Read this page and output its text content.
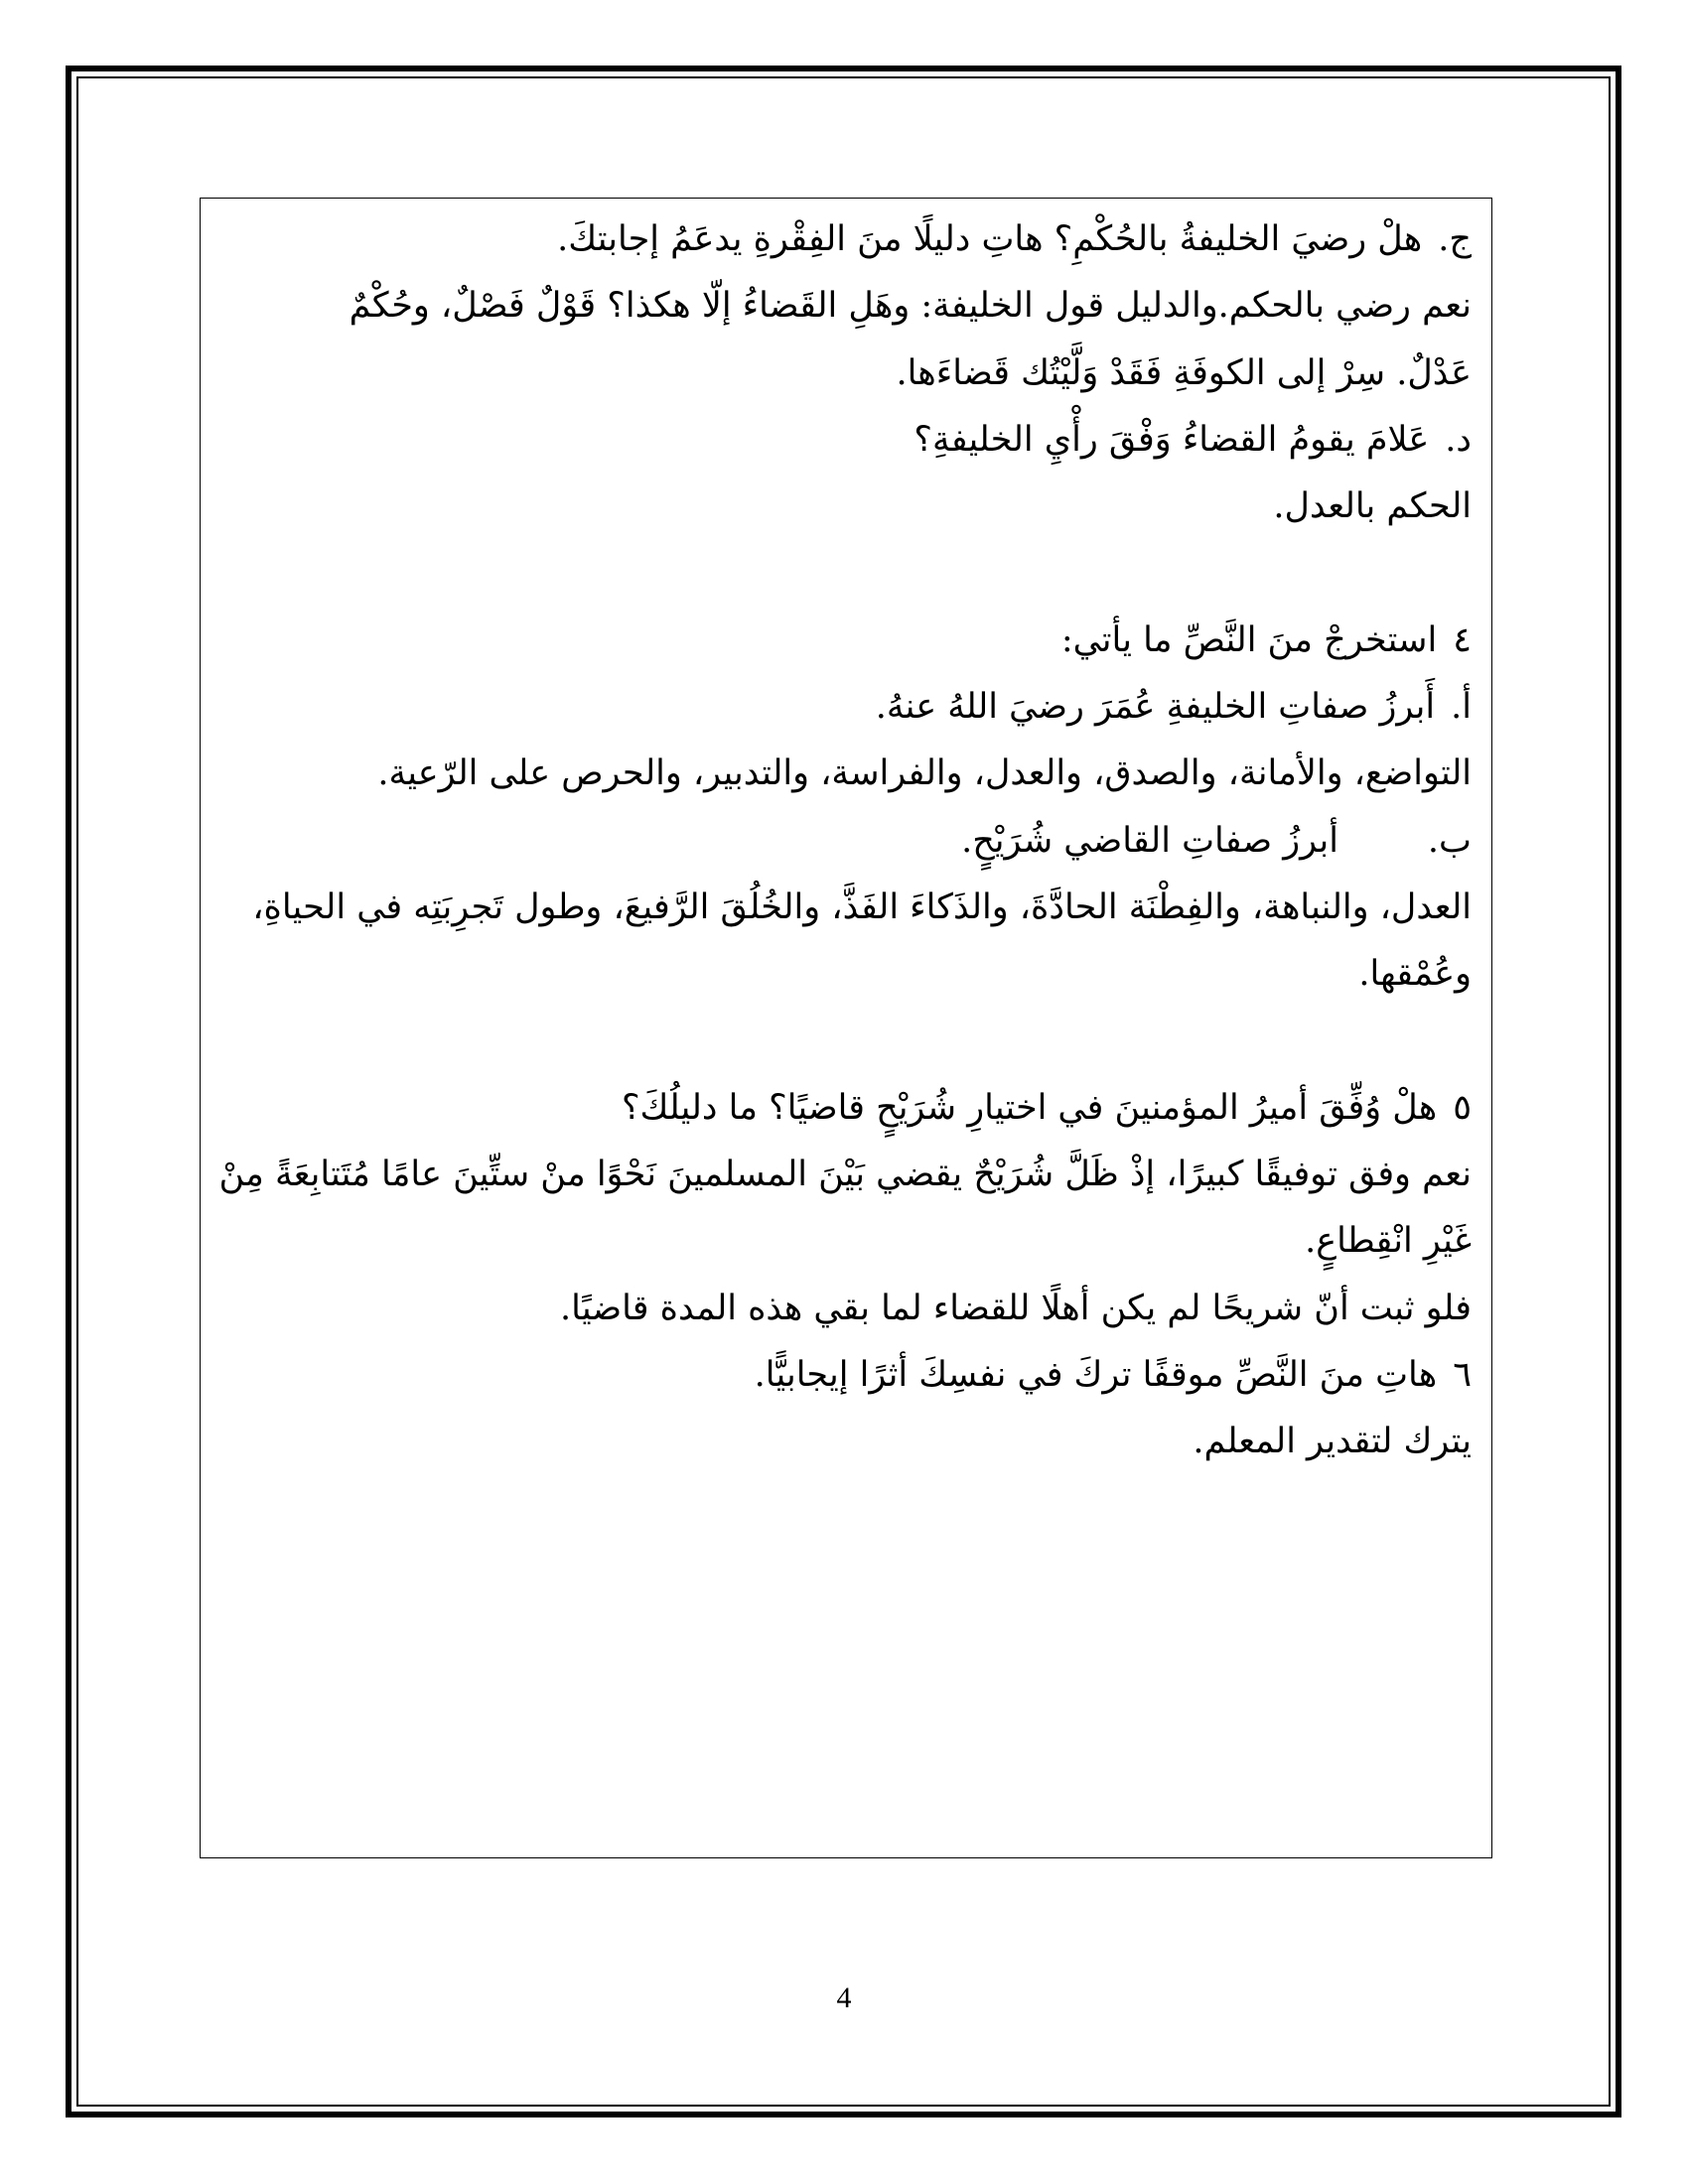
ج.هلْ رضيَ الخليفةُ بالحُكْمِ؟ هاتِ دليلًا منَ الفِقْرةِ يدعَمُ إجابتكَ.
نعم رضي بالحكم.والدليل قول الخليفة: وهَلِ القَضاءُ إلّا هكذا؟ قَوْلٌ فَصْلٌ، وحُكْمٌ
عَدْلٌ. سِرْ إلى الكوفَةِ فَقَدْ وَلَّيْتُك قَضاءَها.
د.عَلامَ يقومُ القضاءُ وَفْقَ رأْيِ الخليفةِ؟
الحكم بالعدل.
٤استخرجْ منَ النَّصِّ ما يأتي:
أ.أَبرزُ صفاتِ الخليفةِ عُمَرَ رضيَ اللهُ عنهُ.
التواضع، والأمانة، والصدق، والعدل، والفراسة، والتدبير، والحرص على الرّعية.
ب.أبرزُ صفاتِ القاضي شُرَيْحٍ.
العدل، والنباهة، والفِطْنَة الحادَّةَ، والذَكاءَ الفَذَّ، والخُلُقَ الرَّفيعَ، وطول تَجرِبَتِه في الحياةِ،
وعُمْقها.
٥هلْ وُفِّقَ أميرُ المؤمنينَ في اختيارِ شُرَيْحٍ قاضيًا؟ ما دليلُكَ؟
نعم وفق توفيقًا كبيرًا، إذْ ظَلَّ شُرَيْحٌ يقضي بَيْنَ المسلمينَ نَحْوًا منْ ستِّينَ عامًا مُتَتابِعَةً مِنْ
غَيْرِ انْقِطاعٍ.
فلو ثبت أنّ شريحًا لم يكن أهلًا للقضاء لما بقي هذه المدة قاضيًا.
٦هاتِ منَ النَّصِّ موقفًا تركَ في نفسِكَ أثرًا إيجابيًّا.
يترك لتقدير المعلم.
4
